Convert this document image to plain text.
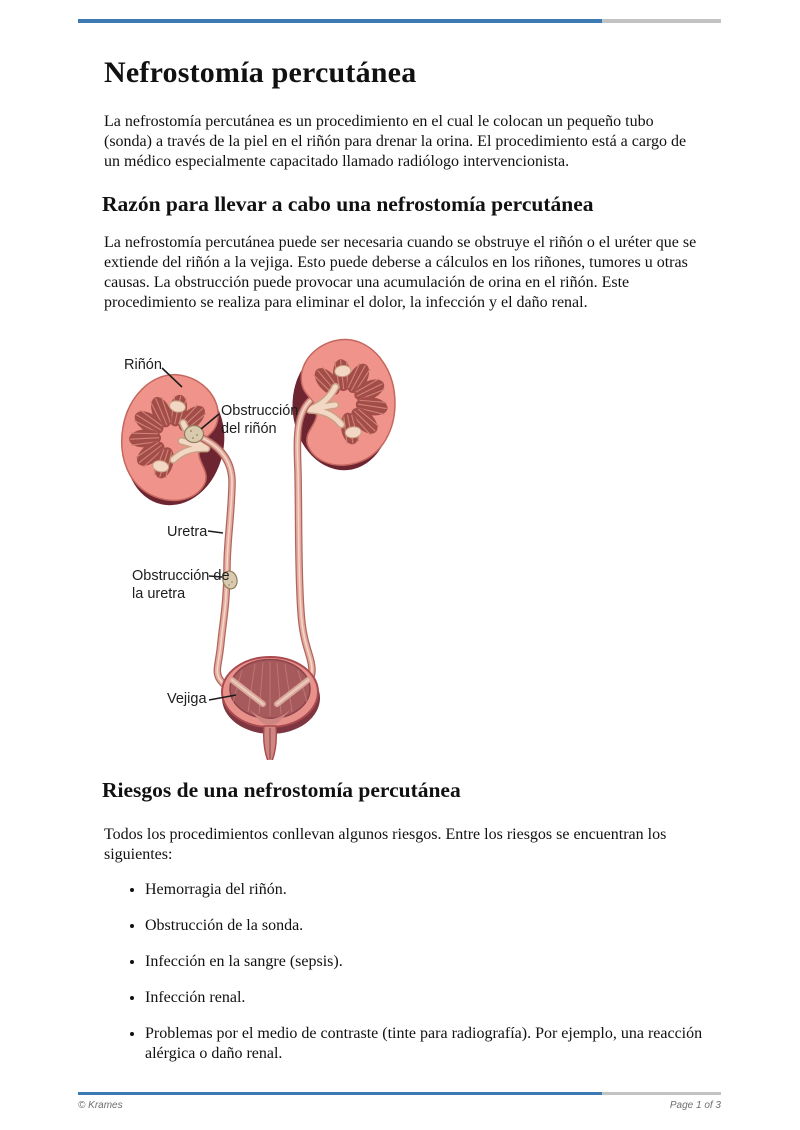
Nefrostomía percutánea
La nefrostomía percutánea es un procedimiento en el cual le colocan un pequeño tubo (sonda) a través de la piel en el riñón para drenar la orina. El procedimiento está a cargo de un médico especialmente capacitado llamado radiólogo intervencionista.
Razón para llevar a cabo una nefrostomía percutánea
La nefrostomía percutánea puede ser necesaria cuando se obstruye el riñón o el uréter que se extiende del riñón a la vejiga. Esto puede deberse a cálculos en los riñones, tumores u otras causas. La obstrucción puede provocar una acumulación de orina en el riñón. Este procedimiento se realiza para eliminar el dolor, la infección y el daño renal.
Riñón
Obstrucción del riñón
Uretra
Obstrucción de la uretra
Vejiga
Riesgos de una nefrostomía percutánea
Todos los procedimientos conllevan algunos riesgos. Entre los riesgos se encuentran los siguientes:
• Hemorragia del riñón.
• Obstrucción de la sonda.
• Infección en la sangre (sepsis).
• Infección renal.
• Problemas por el medio de contraste (tinte para radiografía). Por ejemplo, una reacción alérgica o daño renal.
© Krames	Page 1 of 3
